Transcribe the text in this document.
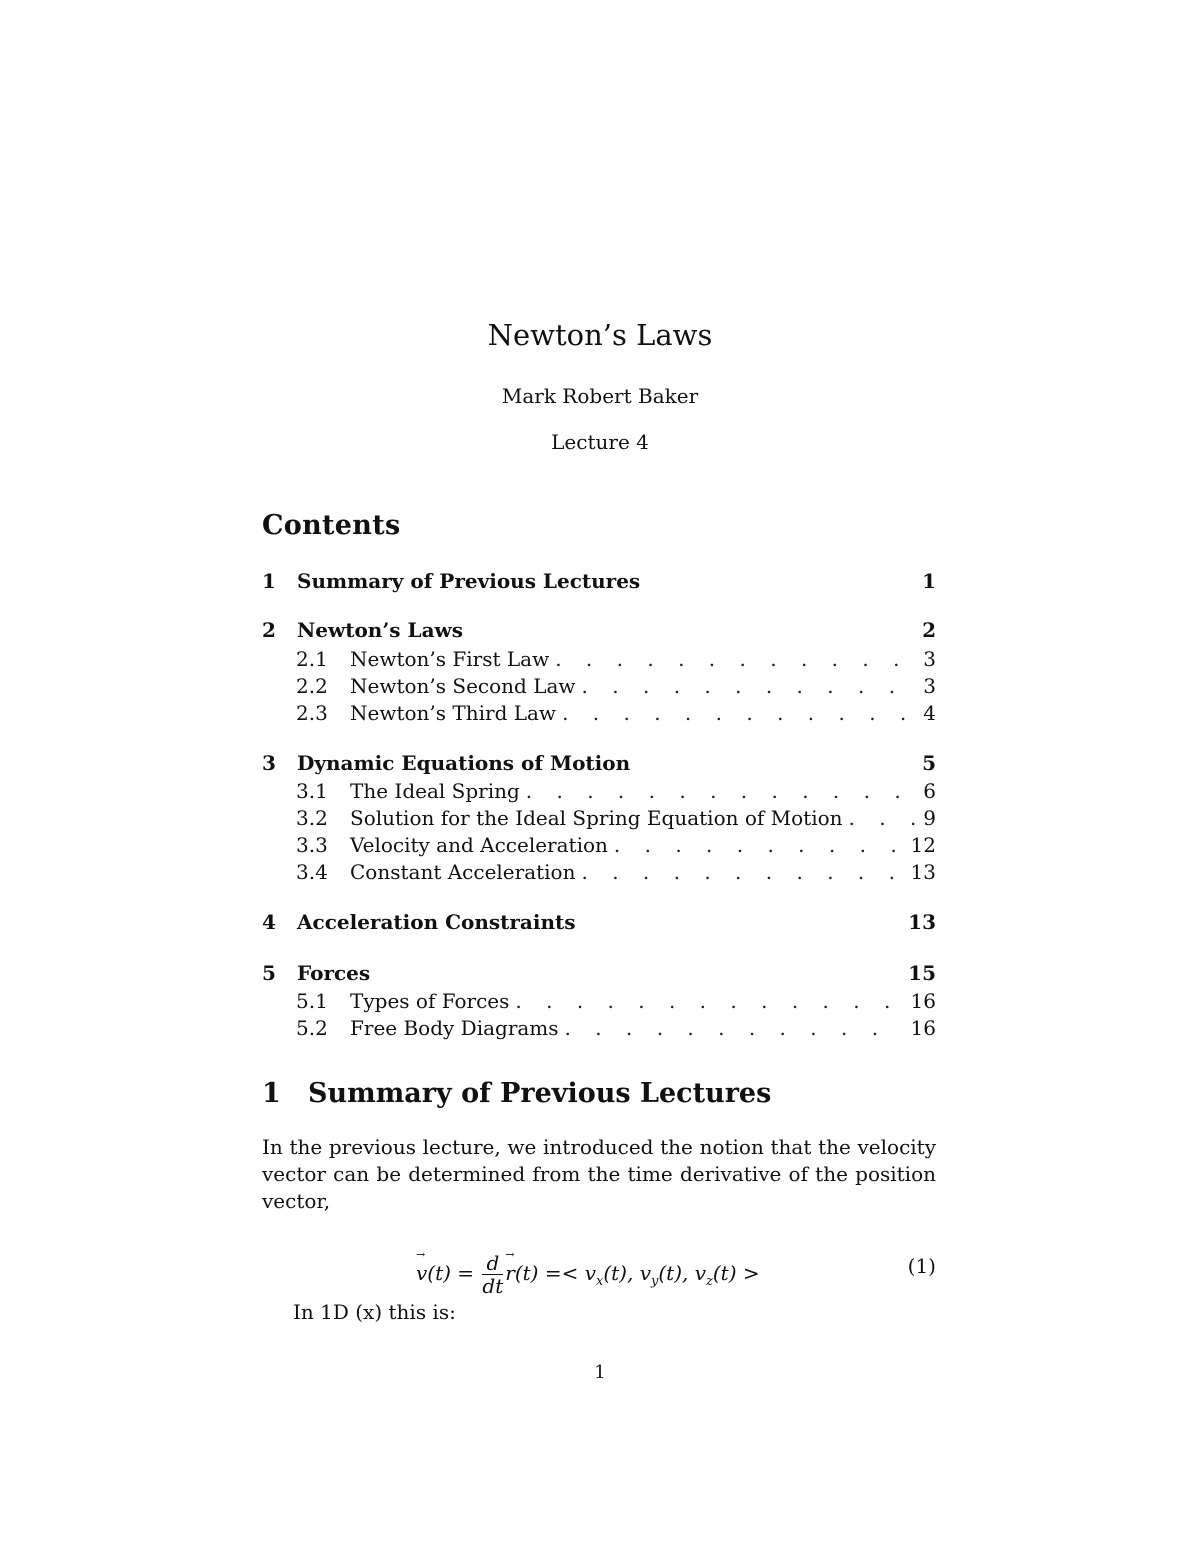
Newton’s Laws
Mark Robert Baker
Lecture 4
Contents
1 Summary of Previous Lectures	1
2 Newton’s Laws	2
2.1	Newton’s First Law . . .	3
2.2	Newton’s Second Law . . .	3
2.3	Newton’s Third Law . . .	4
3 Dynamic Equations of Motion	5
3.1	The Ideal Spring . . .	6
3.2	Solution for the Ideal Spring Equation of Motion . . .	9
3.3	Velocity and Acceleration . . .	12
3.4	Constant Acceleration . . .	13
4 Acceleration Constraints	13
5 Forces	15
5.1	Types of Forces . . .	16
5.2	Free Body Diagrams . . .	16
1 Summary of Previous Lectures
In the previous lecture, we introduced the notion that the velocity vector can be determined from the time derivative of the position vector,
→ $v(t) = \frac{d}{dt} \to r(t) =< v_x(t)$, $v_y(t)$, $v_z(t)$ >	(1)
In 1D (x) this is:
1
